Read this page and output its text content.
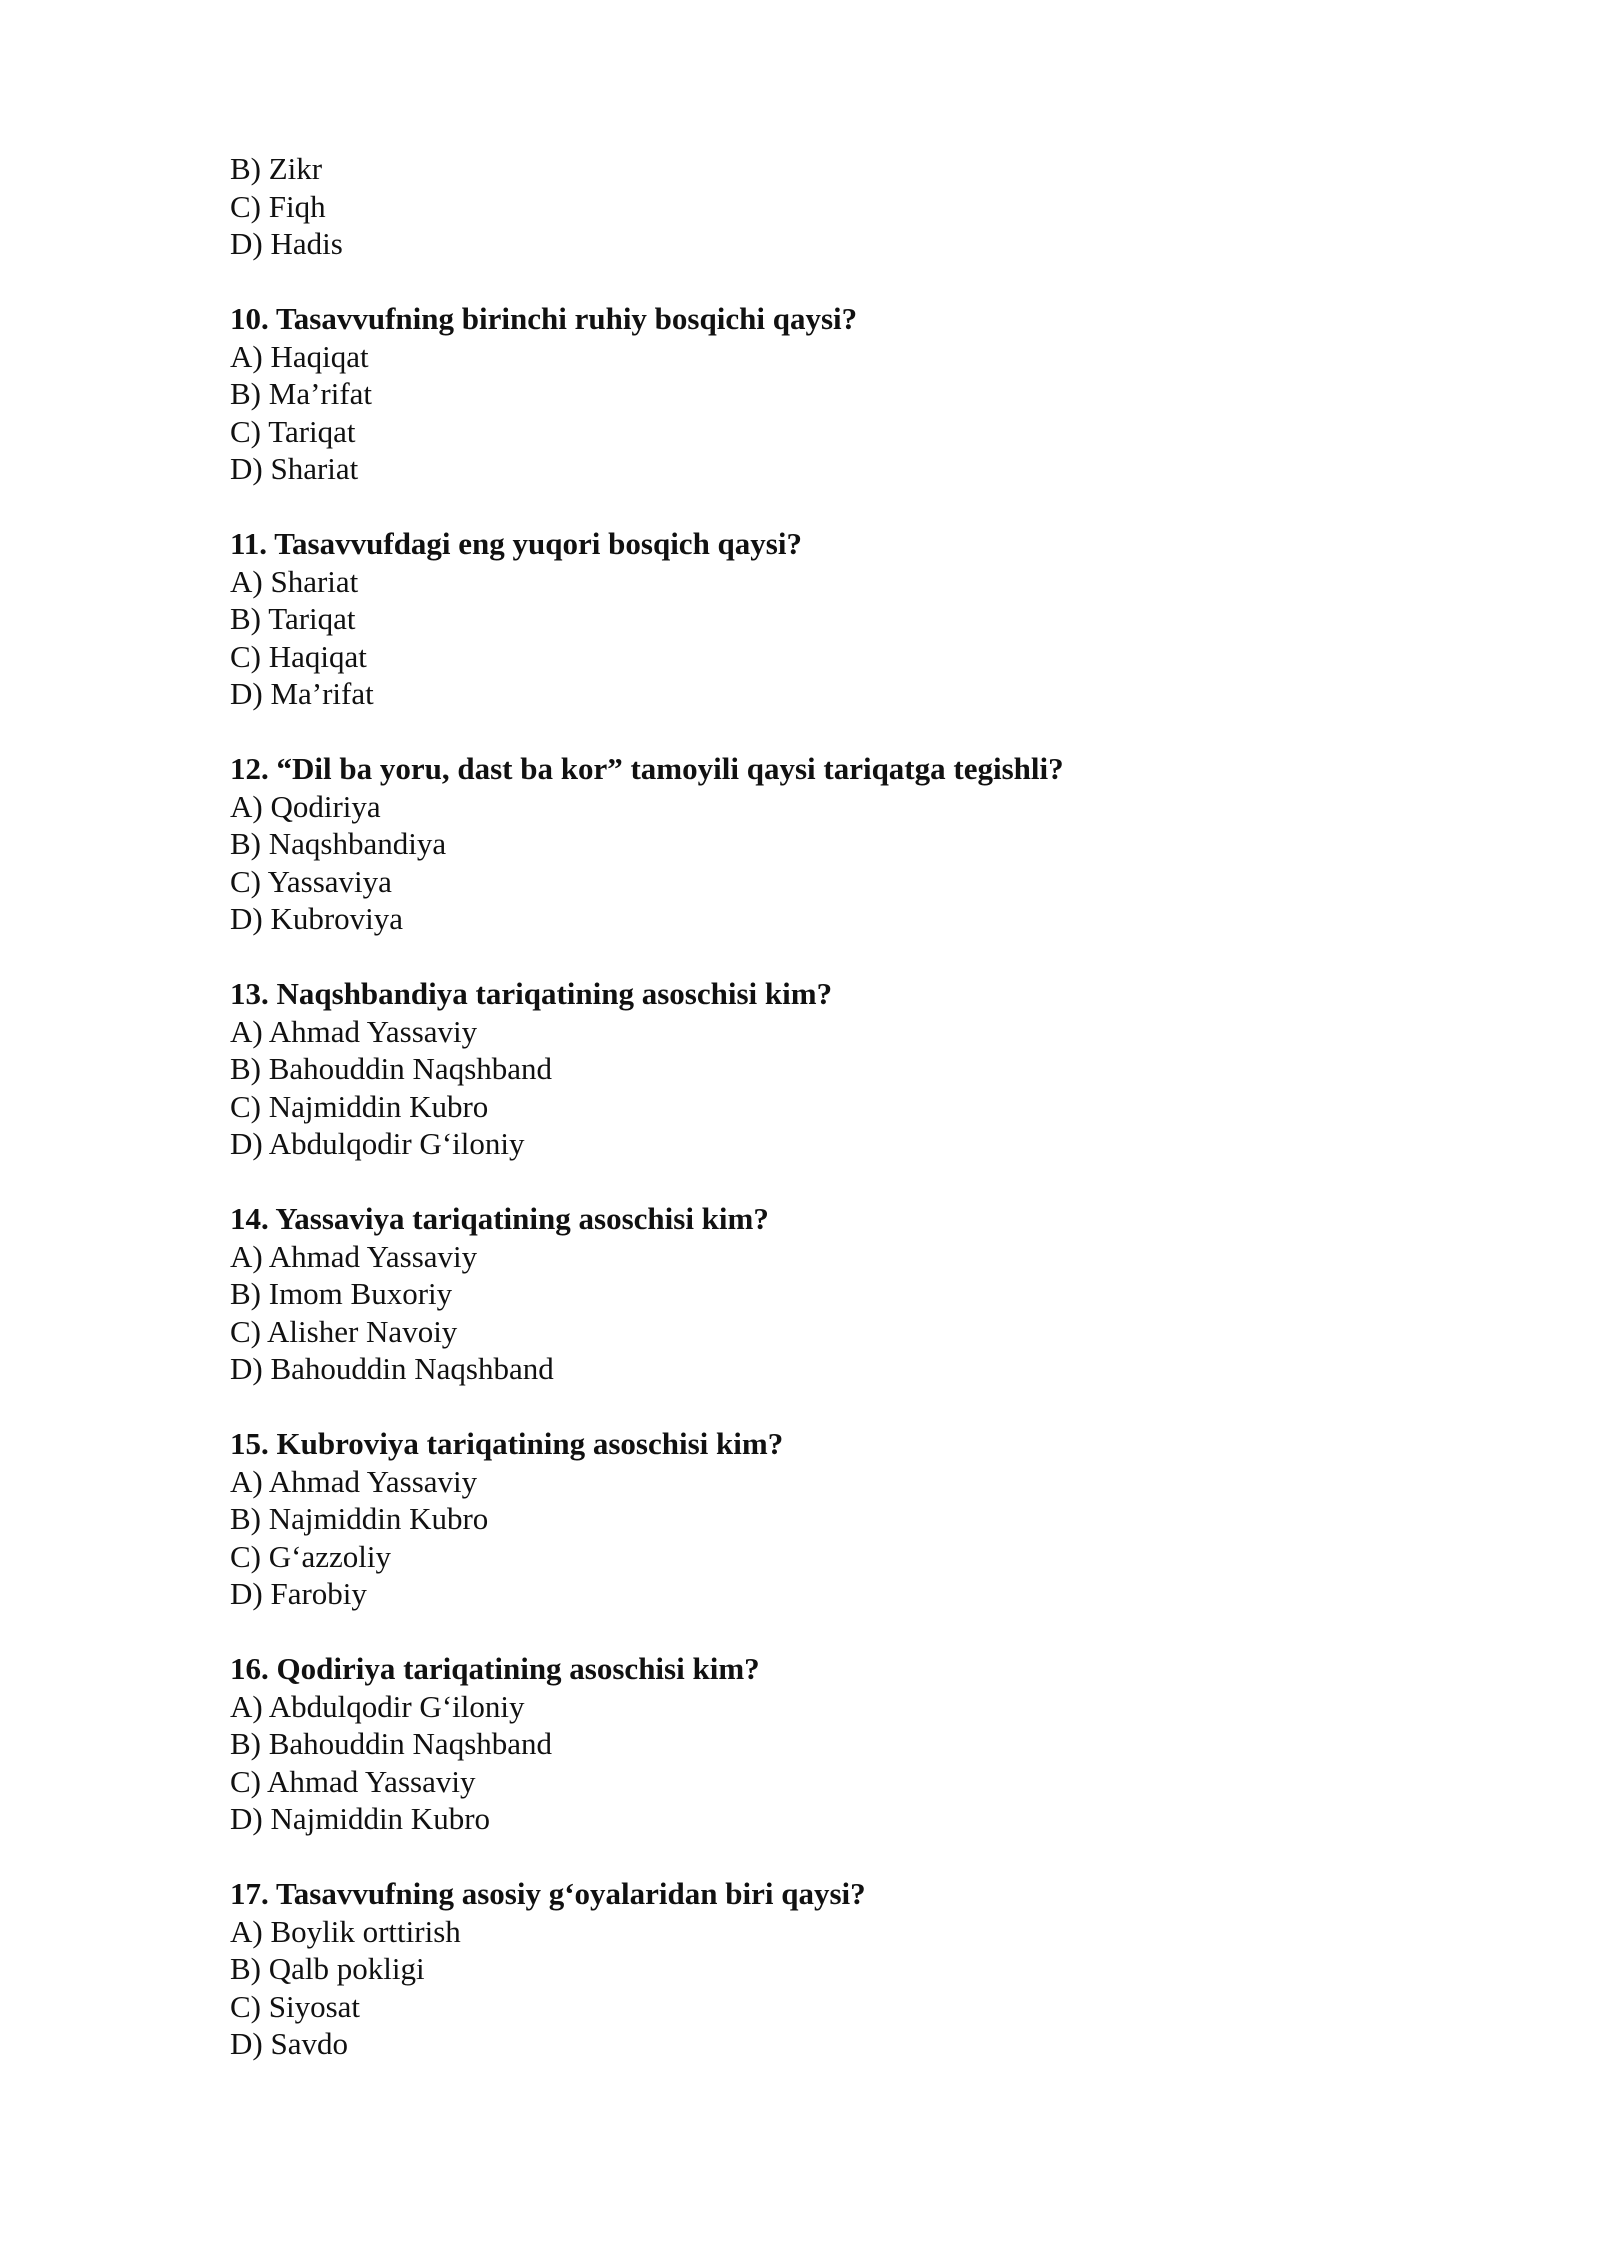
B) Zikr
C) Fiqh
D) Hadis
10. Tasavvufning birinchi ruhiy bosqichi qaysi?
A) Haqiqat
B) Ma’rifat
C) Tariqat
D) Shariat
11. Tasavvufdagi eng yuqori bosqich qaysi?
A) Shariat
B) Tariqat
C) Haqiqat
D) Ma’rifat
12. “Dil ba yoru, dast ba kor” tamoyili qaysi tariqatga tegishli?
A) Qodiriya
B) Naqshbandiya
C) Yassaviya
D) Kubroviya
13. Naqshbandiya tariqatining asoschisi kim?
A) Ahmad Yassaviy
B) Bahouddin Naqshband
C) Najmiddin Kubro
D) Abdulqodir G‘iloniy
14. Yassaviya tariqatining asoschisi kim?
A) Ahmad Yassaviy
B) Imom Buxoriy
C) Alisher Navoiy
D) Bahouddin Naqshband
15. Kubroviya tariqatining asoschisi kim?
A) Ahmad Yassaviy
B) Najmiddin Kubro
C) G‘azzoliy
D) Farobiy
16. Qodiriya tariqatining asoschisi kim?
A) Abdulqodir G‘iloniy
B) Bahouddin Naqshband
C) Ahmad Yassaviy
D) Najmiddin Kubro
17. Tasavvufning asosiy g‘oyalaridan biri qaysi?
A) Boylik orttirish
B) Qalb pokligi
C) Siyosat
D) Savdo
